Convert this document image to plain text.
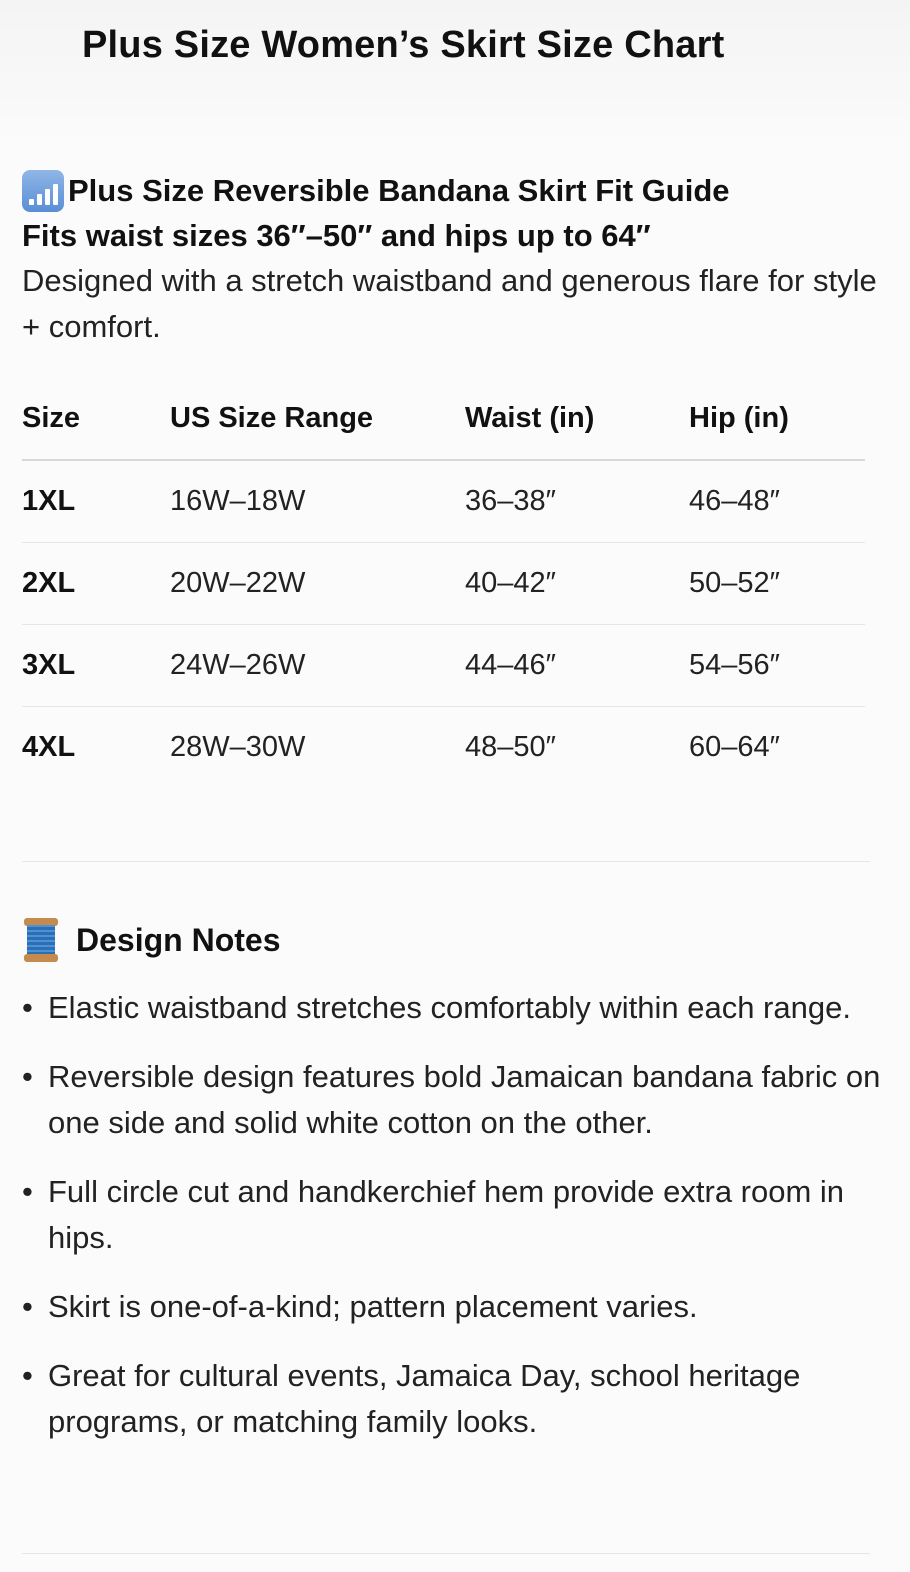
Plus Size Women’s Skirt Size Chart
Plus Size Reversible Bandana Skirt Fit Guide
Fits waist sizes 36″–50″ and hips up to 64″

Designed with a stretch waistband and generous flare for style + comfort.

Size	US Size Range	Waist (in)	Hip (in)
1XL	16W–18W	36–38″	46–48″
2XL	20W–22W	40–42″	50–52″
3XL	24W–26W	44–46″	54–56″
4XL	28W–30W	48–50″	60–64″
Design Notes
• Elastic waistband stretches comfortably within each range.
• Reversible design features bold Jamaican bandana fabric on one side and solid white cotton on the other.
• Full circle cut and handkerchief hem provide extra room in hips.
• Skirt is one-of-a-kind; pattern placement varies.
• Great for cultural events, Jamaica Day, school heritage programs, or matching family looks.
